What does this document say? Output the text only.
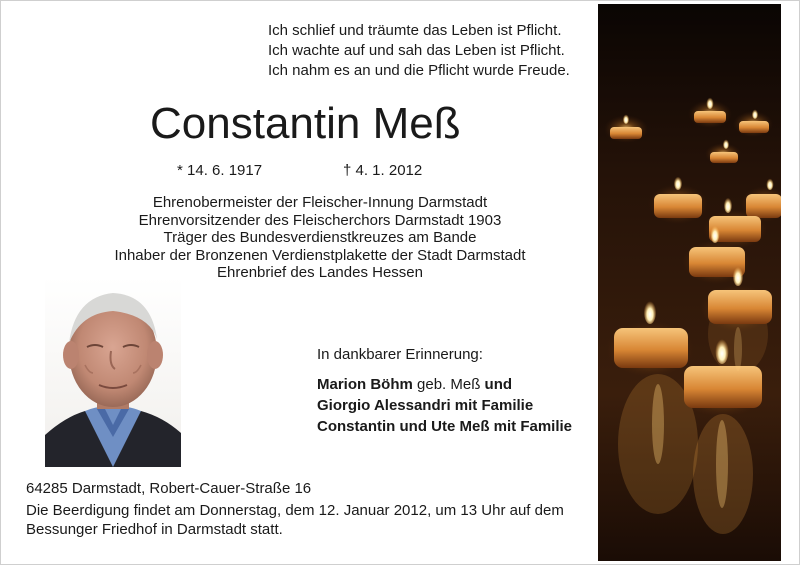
Ich schlief und träumte das Leben ist Pflicht.
Ich wachte auf und sah das Leben ist Pflicht.
Ich nahm es an und die Pflicht wurde Freude.
Constantin Meß
* 14. 6. 1917	† 4. 1. 2012
Ehrenobermeister der Fleischer-Innung Darmstadt
Ehrenvorsitzender des Fleischerchors Darmstadt 1903
Träger des Bundesverdienstkreuzes am Bande
Inhaber der Bronzenen Verdienstplakette der Stadt Darmstadt
Ehrenbrief des Landes Hessen
In dankbarer Erinnerung:
Marion Böhm geb. Meß und
Giorgio Alessandri mit Familie
Constantin und Ute Meß mit Familie
64285 Darmstadt, Robert-Cauer-Straße 16
Die Beerdigung findet am Donnerstag, dem 12. Januar 2012, um 13 Uhr auf dem
Bessunger Friedhof in Darmstadt statt.
